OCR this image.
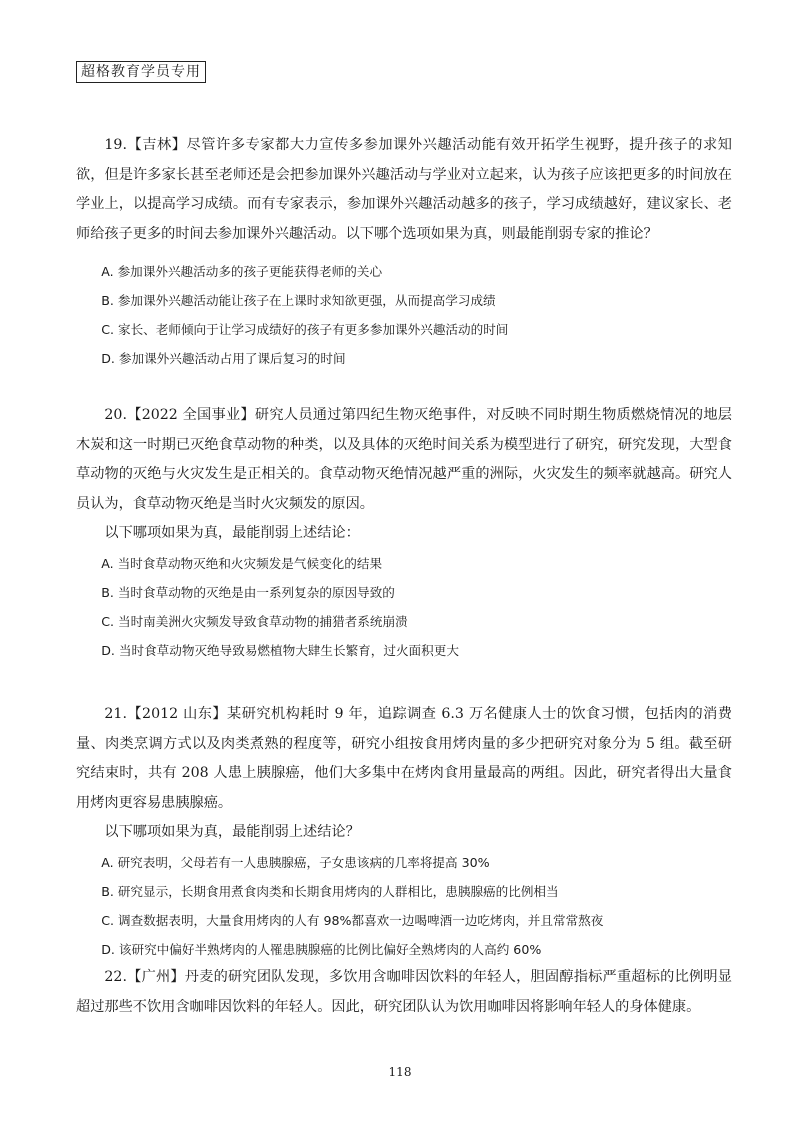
超格教育学员专用

19.【吉林】尽管许多专家都大力宣传多参加课外兴趣活动能有效开拓学生视野，提升孩子的求知欲，但是许多家长甚至老师还是会把参加课外兴趣活动与学业对立起来，认为孩子应该把更多的时间放在学业上，以提高学习成绩。而有专家表示，参加课外兴趣活动越多的孩子，学习成绩越好，建议家长、老师给孩子更多的时间去参加课外兴趣活动。以下哪个选项如果为真，则最能削弱专家的推论？

A. 参加课外兴趣活动多的孩子更能获得老师的关心

B. 参加课外兴趣活动能让孩子在上课时求知欲更强，从而提高学习成绩

C. 家长、老师倾向于让学习成绩好的孩子有更多参加课外兴趣活动的时间

D. 参加课外兴趣活动占用了课后复习的时间

20.【2022 全国事业】研究人员通过第四纪生物灭绝事件，对反映不同时期生物质燃烧情况的地层木炭和这一时期已灭绝食草动物的种类，以及具体的灭绝时间关系为模型进行了研究，研究发现，大型食草动物的灭绝与火灾发生是正相关的。食草动物灭绝情况越严重的洲际，火灾发生的频率就越高。研究人员认为，食草动物灭绝是当时火灾频发的原因。

以下哪项如果为真，最能削弱上述结论：

A. 当时食草动物灭绝和火灾频发是气候变化的结果

B. 当时食草动物的灭绝是由一系列复杂的原因导致的

C. 当时南美洲火灾频发导致食草动物的捕猎者系统崩溃

D. 当时食草动物灭绝导致易燃植物大肆生长繁育，过火面积更大

21.【2012 山东】某研究机构耗时 9 年，追踪调查 6.3 万名健康人士的饮食习惯，包括肉的消费量、肉类烹调方式以及肉类煮熟的程度等，研究小组按食用烤肉量的多少把研究对象分为 5 组。截至研究结束时，共有 208 人患上胰腺癌，他们大多集中在烤肉食用量最高的两组。因此，研究者得出大量食用烤肉更容易患胰腺癌。

以下哪项如果为真，最能削弱上述结论？

A. 研究表明，父母若有一人患胰腺癌，子女患该病的几率将提高 30%

B. 研究显示，长期食用煮食肉类和长期食用烤肉的人群相比，患胰腺癌的比例相当

C. 调查数据表明，大量食用烤肉的人有 98%都喜欢一边喝啤酒一边吃烤肉，并且常常熬夜

D. 该研究中偏好半熟烤肉的人罹患胰腺癌的比例比偏好全熟烤肉的人高约 60%

22.【广州】丹麦的研究团队发现，多饮用含咖啡因饮料的年轻人，胆固醇指标严重超标的比例明显超过那些不饮用含咖啡因饮料的年轻人。因此，研究团队认为饮用咖啡因将影响年轻人的身体健康。

118
